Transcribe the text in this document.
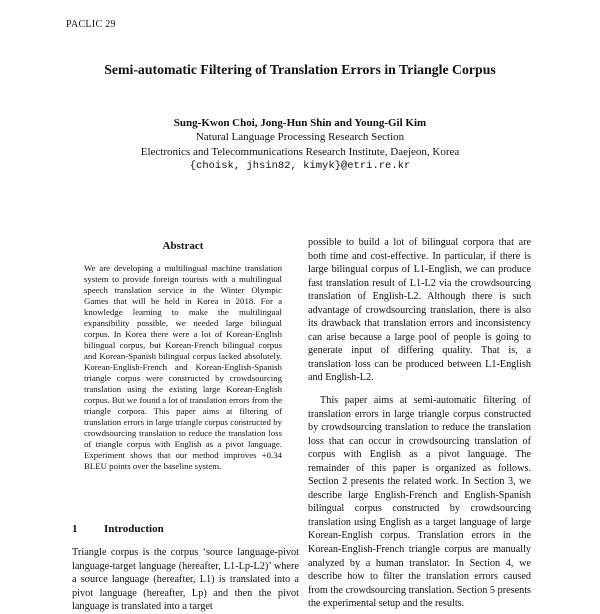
PACLIC 29
Semi-automatic Filtering of Translation Errors in Triangle Corpus
Sung-Kwon Choi, Jong-Hun Shin and Young-Gil Kim
Natural Language Processing Research Section
Electronics and Telecommunications Research Institute, Daejeon, Korea
{choisk, jhsin82, kimyk}@etri.re.kr
Abstract

We are developing a multilingual machine translation system to provide foreign tourists with a multilingual speech translation service in the Winter Olympic Games that will be held in Korea in 2018. For a knowledge learning to make the multilingual expansibility possible, we needed large bilingual corpus. In Korea there were a lot of Korean-English bilingual corpus, but Korean-French bilingual corpus and Korean-Spanish bilingual corpus lacked absolutely. Korean-English-French and Korean-English-Spanish triangle corpus were constructed by crowdsourcing translation using the existing large Korean-English corpus. But we found a lot of translation errors from the triangle corpora. This paper aims at filtering of translation errors in large triangle corpus constructed by crowdsourcing translation to reduce the translation loss of triangle corpus with English as a pivot language. Experiment shows that our method improves +0.34 BLEU points over the baseline system.

1 Introduction

Triangle corpus is the corpus ‘source language-pivot language-target language (hereafter, L1-Lp-L2)’ where a source language (hereafter, L1) is translated into a pivot language (hereafter, Lp) and then the pivot language is translated into a target

possible to build a lot of bilingual corpora that are both time and cost-effective. In particular, if there is large bilingual corpus of L1-English, we can produce fast translation result of L1-L2 via the crowdsourcing translation of English-L2. Although there is such advantage of crowdsourcing translation, there is also its drawback that translation errors and inconsistency can arise because a large pool of people is going to generate input of differing quality. That is, a translation loss can be produced between L1-English and English-L2.

This paper aims at semi-automatic filtering of translation errors in large triangle corpus constructed by crowdsourcing translation to reduce the translation loss that can occur in crowdsourcing translation of corpus with English as a pivot language. The remainder of this paper is organized as follows. Section 2 presents the related work. In Section 3, we describe large English-French and English-Spanish bilingual corpus constructed by crowdsourcing translation using English as a target language of large Korean-English corpus. Translation errors in the Korean-English-French triangle corpus are manually analyzed by a human translator. In Section 4, we describe how to filter the translation errors caused from the crowdsourcing translation. Section 5 presents the experimental setup and the results.
